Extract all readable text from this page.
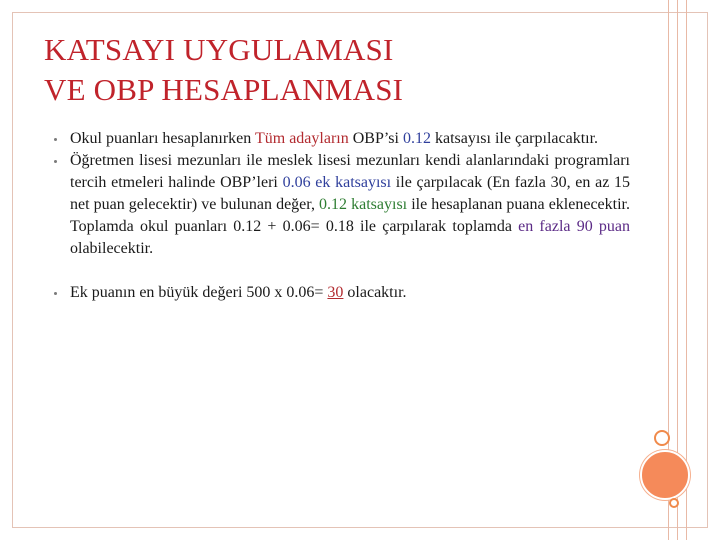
KATSAYI UYGULAMASI
VE OBP HESAPLANMASI

Okul puanları hesaplanırken Tüm adayların OBP’si 0.12 katsayısı ile çarpılacaktır.

Öğretmen lisesi mezunları ile meslek lisesi mezunları kendi alanlarındaki programları tercih etmeleri halinde OBP’leri 0.06 ek katsayısı ile çarpılacak (En fazla 30, en az 15 net puan gelecektir) ve bulunan değer, 0.12 katsayısı ile hesaplanan puana eklenecektir. Toplamda okul puanları 0.12 + 0.06= 0.18 ile çarpılarak toplamda en fazla 90 puan olabilecektir.

Ek puanın en büyük değeri 500 x 0.06= 30 olacaktır.
